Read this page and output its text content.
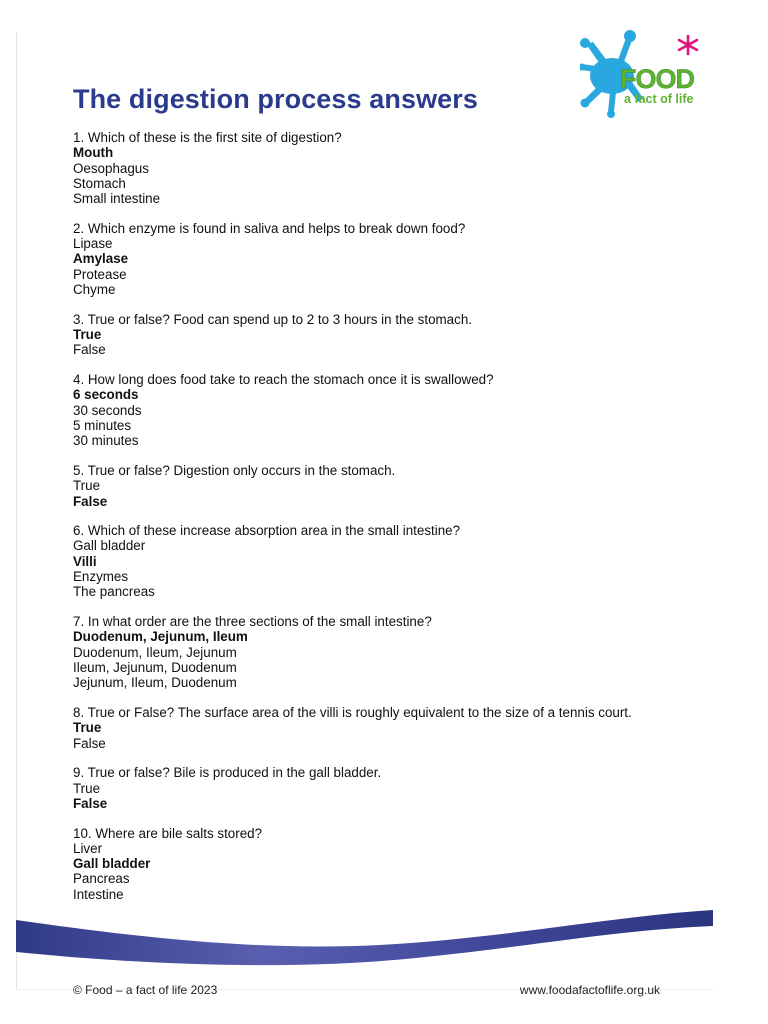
FOOD
a fact of life
The digestion process answers
1. Which of these is the first site of digestion?
Mouth
Oesophagus
Stomach
Small intestine
2. Which enzyme is found in saliva and helps to break down food?
Lipase
Amylase
Protease
Chyme
3. True or false? Food can spend up to 2 to 3 hours in the stomach.
True
False
4. How long does food take to reach the stomach once it is swallowed?
6 seconds
30 seconds
5 minutes
30 minutes
5. True or false? Digestion only occurs in the stomach.
True
False
6. Which of these increase absorption area in the small intestine?
Gall bladder
Villi
Enzymes
The pancreas
7. In what order are the three sections of the small intestine?
Duodenum, Jejunum, Ileum
Duodenum, Ileum, Jejunum
Ileum, Jejunum, Duodenum
Jejunum, Ileum, Duodenum
8. True or False? The surface area of the villi is roughly equivalent to the size of a tennis court.
True
False
9. True or false? Bile is produced in the gall bladder.
True
False
10. Where are bile salts stored?
Liver
Gall bladder
Pancreas
Intestine
© Food – a fact of life 2023	www.foodafactoflife.org.uk
